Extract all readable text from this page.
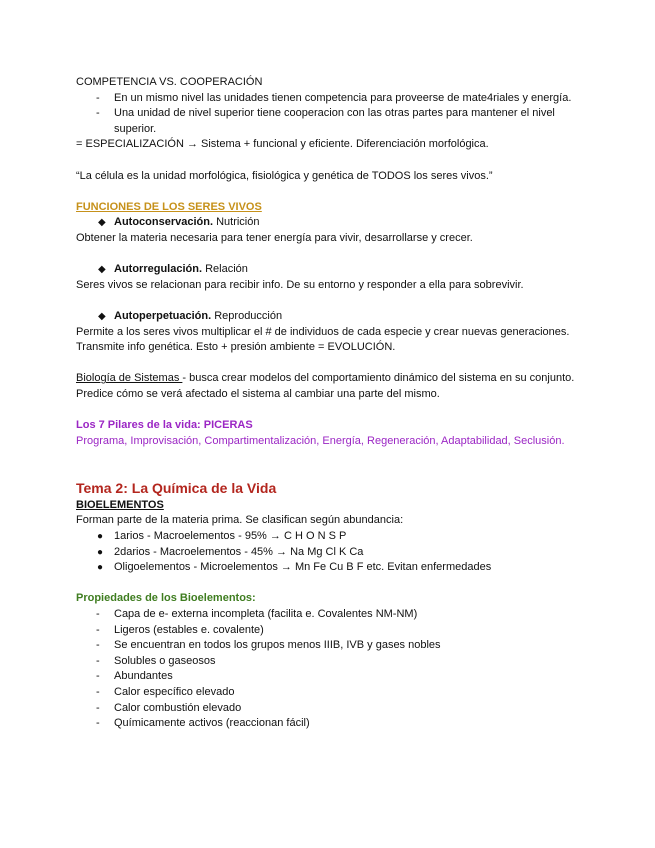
COMPETENCIA VS. COOPERACIÓN
- En un mismo nivel las unidades tienen competencia para proveerse de mate4riales y energía.
- Una unidad de nivel superior tiene cooperacion con las otras partes para mantener el nivel superior.
= ESPECIALIZACIÓN → Sistema + funcional y eficiente. Diferenciación morfológica.
“La célula es la unidad morfológica, fisiológica y genética de TODOS los seres vivos.”
FUNCIONES DE LOS SERES VIVOS
◆ Autoconservación. Nutrición
Obtener la materia necesaria para tener energía para vivir, desarrollarse y crecer.
◆ Autorregulación. Relación
Seres vivos se relacionan para recibir info. De su entorno y responder a ella para sobrevivir.
◆ Autoperpetuación. Reproducción
Permite a los seres vivos multiplicar el # de individuos de cada especie y crear nuevas generaciones. Transmite info genética. Esto + presión ambiente = EVOLUCIÓN.
Biología de Sistemas - busca crear modelos del comportamiento dinámico del sistema en su conjunto. Predice cómo se verá afectado el sistema al cambiar una parte del mismo.
Los 7 Pilares de la vida: PICERAS
Programa, Improvisación, Compartimentalización, Energía, Regeneración, Adaptabilidad, Seclusión.
Tema 2: La Química de la Vida
BIOELEMENTOS
Forman parte de la materia prima. Se clasifican según abundancia:
● 1arios - Macroelementos - 95% → C H O N S P
● 2darios - Macroelementos - 45% → Na Mg Cl K Ca
● Oligoelementos - Microelementos → Mn Fe Cu B F etc. Evitan enfermedades
Propiedades de los Bioelementos:
- Capa de e- externa incompleta (facilita e. Covalentes NM-NM)
- Ligeros (estables e. covalente)
- Se encuentran en todos los grupos menos IIIB, IVB y gases nobles
- Solubles o gaseosos
- Abundantes
- Calor específico elevado
- Calor combustión elevado
- Químicamente activos (reaccionan fácil)
